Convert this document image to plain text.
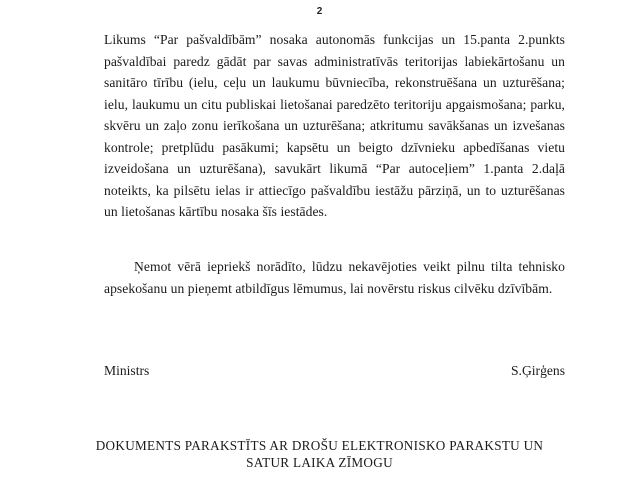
2
Likums “Par pašvaldībām” nosaka autonomās funkcijas un 15.panta 2.punkts pašvaldībai paredz gādāt par savas administratīvās teritorijas labiekārtošanu un sanitāro tīrību (ielu, ceļu un laukumu būvniecība, rekonstruēšana un uzturēšana; ielu, laukumu un citu publiskai lietošanai paredzēto teritoriju apgaismošana; parku, skvēru un zaļo zonu ierīkošana un uzturēšana; atkritumu savākšanas un izvešanas kontrole; pretplūdu pasākumi; kapsētu un beigto dzīvnieku apbedīšanas vietu izveidošana un uzturēšana), savukārt likumā “Par autoceļiem” 1.panta 2.daļā noteikts, ka pilsētu ielas ir attiecīgo pašvaldību iestāžu pārziņā, un to uzturēšanas un lietošanas kārtību nosaka šīs iestādes.
Ņemot vērā iepriekš norādīto, lūdzu nekavējoties veikt pilnu tilta tehnisko apsekošanu un pieņemt atbildīgus lēmumus, lai novērstu riskus cilvēku dzīvībām.
Ministrs	S.Ģirģens
DOKUMENTS PARAKSTĪTS AR DROŠU ELEKTRONISKO PARAKSTU UN
SATUR LAIKA ZĪMOGU
